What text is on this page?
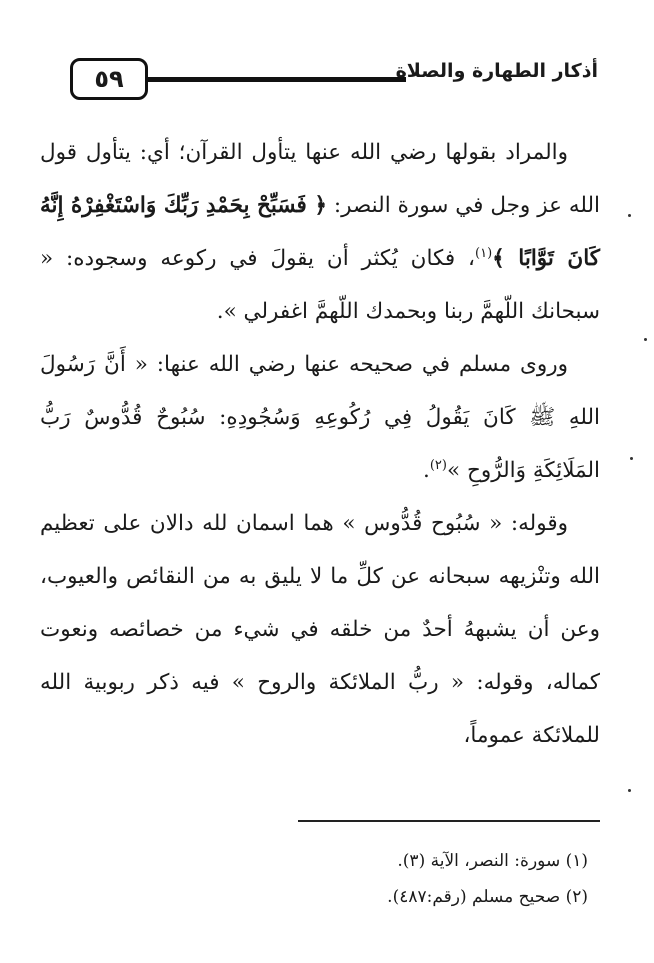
٥٩	أذكار الطهارة والصلاة

والمراد بقولها رضي الله عنها يتأول القرآن؛ أي: يتأول قول الله عز وجل في سورة النصر: ﴿ فَسَبِّحْ بِحَمْدِ رَبِّكَ وَاسْتَغْفِرْهُ إِنَّهُ كَانَ تَوَّابًا ﴾$^{(١)}$، فكان يُكثر أن يقولَ في ركوعه وسجوده: « سبحانك اللّهمَّ ربنا وبحمدك اللّهمَّ اغفرلي ».

وروى مسلم في صحيحه عنها رضي الله عنها: « أَنَّ رَسُولَ اللهِ ﷺ كَانَ يَقُولُ فِي رُكُوعِهِ وَسُجُودِهِ: سُبُوحٌ قُدُّوسٌ رَبُّ المَلَائِكَةِ وَالرُّوحِ »$^{(٢)}$.

وقوله: « سُبُوح قُدُّوس » هما اسمان لله دالان على تعظيم الله وتنْزيهه سبحانه عن كلِّ ما لا يليق به من النقائص والعيوب، وعن أن يشبههُ أحدٌ من خلقه في شيء من خصائصه ونعوت كماله، وقوله: « ربُّ الملائكة والروح » فيه ذكر ربوبية الله للملائكة عموماً،

(١) سورة: النصر، الآية (٣).

(٢) صحيح مسلم (رقم:٤٨٧).
